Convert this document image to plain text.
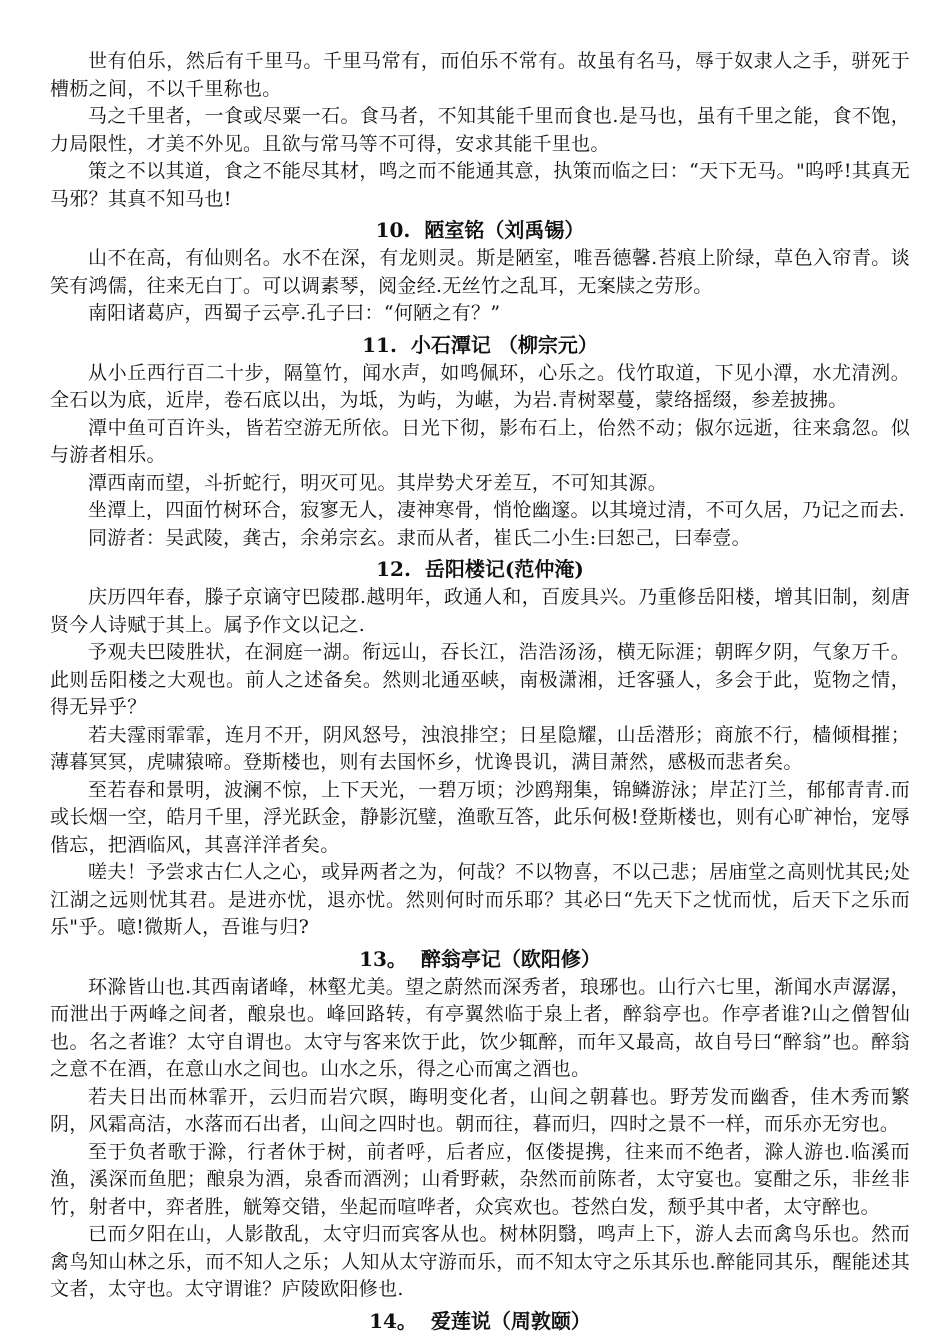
世有伯乐，然后有千里马。千里马常有，而伯乐不常有。故虽有名马，辱于奴隶人之手，骈死于槽枥之间，不以千里称也。

马之千里者，一食或尽粟一石。食马者，不知其能千里而食也.是马也，虽有千里之能，食不饱，力局限性，才美不外见。且欲与常马等不可得，安求其能千里也。

策之不以其道，食之不能尽其材，鸣之而不能通其意，执策而临之曰：“天下无马。"呜呼!其真无马邪？其真不知马也!

10. 陋室铭（刘禹锡）

山不在高，有仙则名。水不在深，有龙则灵。斯是陋室，唯吾德馨.苔痕上阶绿，草色入帘青。谈笑有鸿儒，往来无白丁。可以调素琴，阅金经.无丝竹之乱耳，无案牍之劳形。

南阳诸葛庐，西蜀子云亭.孔子曰：“何陋之有？”

11. 小石潭记 （柳宗元）

从小丘西行百二十步，隔篁竹，闻水声，如鸣佩环，心乐之。伐竹取道，下见小潭，水尤清洌。全石以为底，近岸，卷石底以出，为坻，为屿，为嵁，为岩.青树翠蔓，蒙络摇缀，参差披拂。

潭中鱼可百许头，皆若空游无所依。日光下彻，影布石上，佁然不动；俶尔远逝，往来翕忽。似与游者相乐。

潭西南而望，斗折蛇行，明灭可见。其岸势犬牙差互，不可知其源。

坐潭上，四面竹树环合，寂寥无人，凄神寒骨，悄怆幽邃。以其境过清，不可久居，乃记之而去.

同游者：吴武陵，龚古，余弟宗玄。隶而从者，崔氏二小生:曰恕己，曰奉壹。

12. 岳阳楼记(范仲淹)

庆历四年春，滕子京谪守巴陵郡.越明年，政通人和，百废具兴。乃重修岳阳楼，增其旧制，刻唐贤今人诗赋于其上。属予作文以记之.

予观夫巴陵胜状，在洞庭一湖。衔远山，吞长江，浩浩汤汤，横无际涯；朝晖夕阴，气象万千。此则岳阳楼之大观也。前人之述备矣。然则北通巫峡，南极潇湘，迁客骚人，多会于此，览物之情，得无异乎？

若夫霪雨霏霏，连月不开，阴风怒号，浊浪排空；日星隐耀，山岳潜形；商旅不行，樯倾楫摧；薄暮冥冥，虎啸猿啼。登斯楼也，则有去国怀乡，忧谗畏讥，满目萧然，感极而悲者矣。

至若春和景明，波澜不惊，上下天光，一碧万顷；沙鸥翔集，锦鳞游泳；岸芷汀兰，郁郁青青.而或长烟一空，皓月千里，浮光跃金，静影沉璧，渔歌互答，此乐何极!登斯楼也，则有心旷神怡，宠辱偕忘，把酒临风，其喜洋洋者矣。

嗟夫！予尝求古仁人之心，或异两者之为，何哉？不以物喜，不以己悲；居庙堂之高则忧其民;处江湖之远则忧其君。是进亦忧，退亦忧。然则何时而乐耶？其必曰“先天下之忧而忧，后天下之乐而乐"乎。噫!微斯人，吾谁与归?

13。 醉翁亭记（欧阳修）

环滁皆山也.其西南诸峰，林壑尤美。望之蔚然而深秀者，琅琊也。山行六七里，渐闻水声潺潺，而泄出于两峰之间者，酿泉也。峰回路转，有亭翼然临于泉上者，醉翁亭也。作亭者谁?山之僧智仙也。名之者谁？太守自谓也。太守与客来饮于此，饮少辄醉，而年又最高，故自号曰“醉翁”也。醉翁之意不在酒，在意山水之间也。山水之乐，得之心而寓之酒也。

若夫日出而林霏开，云归而岩穴暝，晦明变化者，山间之朝暮也。野芳发而幽香，佳木秀而繁阴，风霜高洁，水落而石出者，山间之四时也。朝而往，暮而归，四时之景不一样，而乐亦无穷也。

至于负者歌于滁，行者休于树，前者呼，后者应，伛偻提携，往来而不绝者，滁人游也.临溪而渔，溪深而鱼肥；酿泉为酒，泉香而酒洌；山肴野蔌，杂然而前陈者，太守宴也。宴酣之乐，非丝非竹，射者中，弈者胜，觥筹交错，坐起而喧哗者，众宾欢也。苍然白发，颓乎其中者，太守醉也。

已而夕阳在山，人影散乱，太守归而宾客从也。树林阴翳，鸣声上下，游人去而禽鸟乐也。然而禽鸟知山林之乐，而不知人之乐；人知从太守游而乐，而不知太守之乐其乐也.醉能同其乐，醒能述其文者，太守也。太守谓谁？庐陵欧阳修也.

14。 爱莲说（周敦颐）
